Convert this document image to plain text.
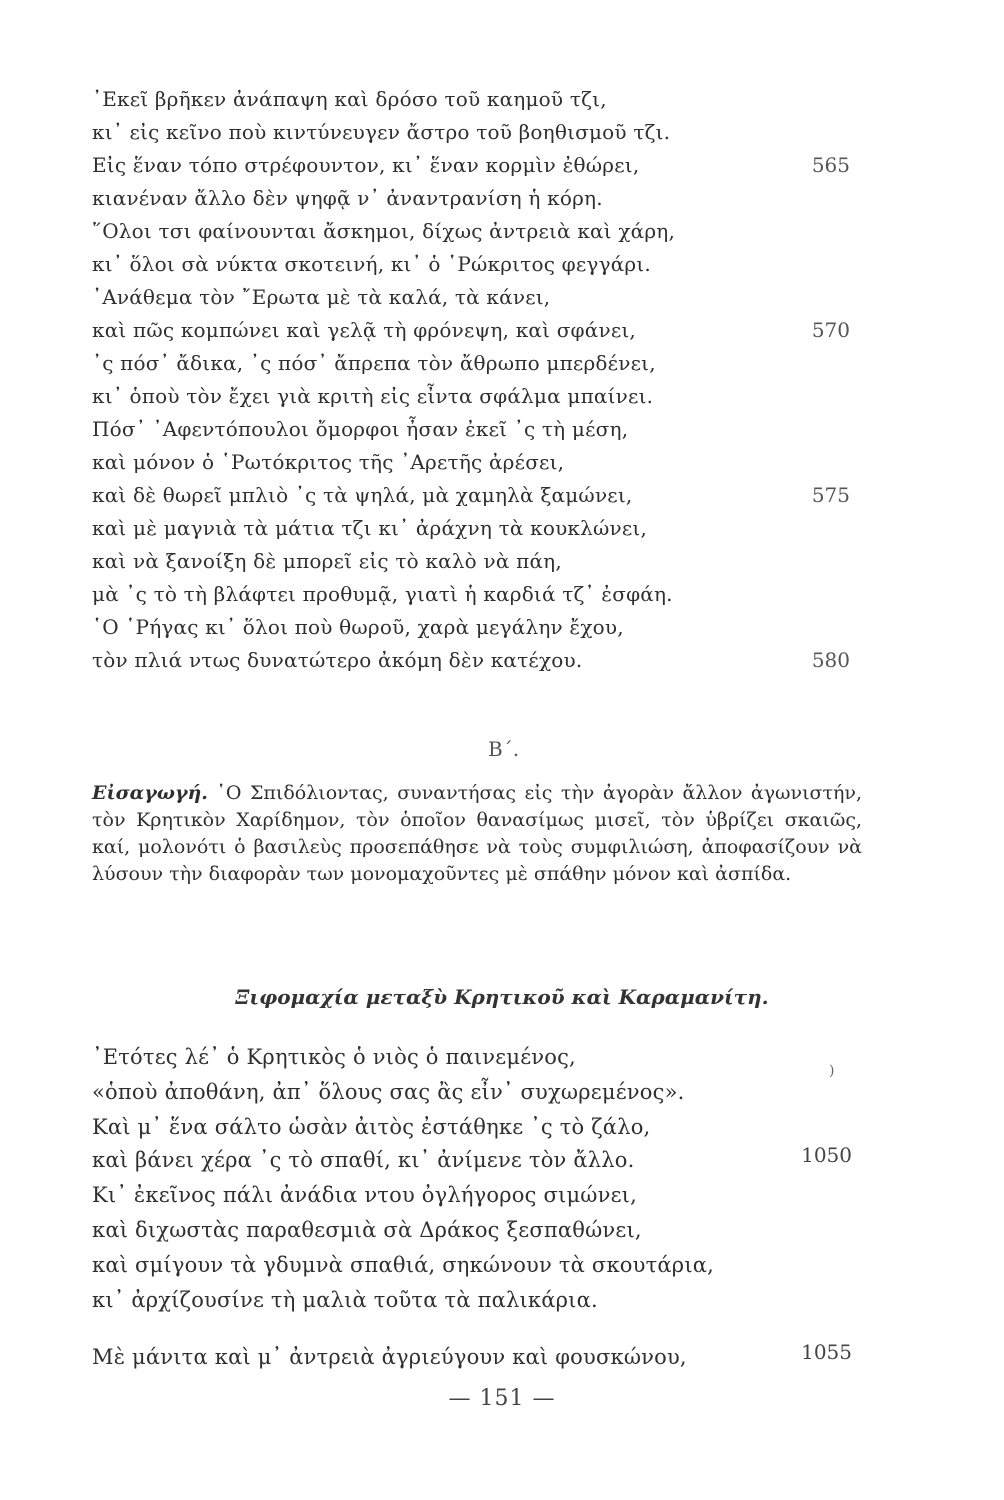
᾿Εκεῖ βρῆκεν ἀνάπαψη καὶ δρόσο τοῦ καημοῦ τζι,
κι᾿ εἰς κεῖνο ποὺ κιντύνευγεν ἄστρο τοῦ βοηθισμοῦ τζι.
Εἰς ἕναν τόπο στρέφουντον, κι᾿ ἕναν κορμὶν ἐθώρει,	565
κιανέναν ἄλλο δὲν ψηφᾷ ν᾿ ἀναντρανίση ἡ κόρη.
῞Ολοι τσι φαίνουνται ἄσκημοι, δίχως ἀντρειὰ καὶ χάρη,
κι᾿ ὅλοι σὰ νύκτα σκοτεινή, κι᾿ ὁ ῾Ρώκριτος φεγγάρι.
᾿Ανάθεμα τὸν ῎Ερωτα μὲ τὰ καλά, τὰ κάνει,
καὶ πῶς κομπώνει καὶ γελᾷ τὴ φρόνεψη, καὶ σφάνει,	570
᾿ς πόσ᾿ ἄδικα, ᾿ς πόσ᾿ ἄπρεπα τὸν ἄθρωπο μπερδένει,
κι᾿ ὁποὺ τὸν ἔχει γιὰ κριτὴ εἰς εἶντα σφάλμα μπαίνει.
Πόσ᾿ ᾿Αφεντόπουλοι ὄμορφοι ἦσαν ἐκεῖ ᾿ς τὴ μέση,
καὶ μόνον ὁ ῾Ρωτόκριτος τῆς ᾿Αρετῆς ἀρέσει,
καὶ δὲ θωρεῖ μπλιὸ ᾿ς τὰ ψηλά, μὰ χαμηλὰ ξαμώνει,	575
καὶ μὲ μαγνιὰ τὰ μάτια τζι κι᾿ ἀράχνη τὰ κουκλώνει,
καὶ νὰ ξανοίξη δὲ μπορεῖ εἰς τὸ καλὸ νὰ πάη,
μὰ ᾿ς τὸ τὴ βλάφτει προθυμᾷ, γιατὶ ἡ καρδιά τζ᾿ ἐσφάη.
῾Ο ῾Ρήγας κι᾿ ὅλοι ποὺ θωροῦ, χαρὰ μεγάλην ἔχου,
τὸν πλιά ντως δυνατώτερο ἀκόμη δὲν κατέχου.	580
Β΄.
Εἰσαγωγή. ῾Ο Σπιδόλιοντας, συναντήσας εἰς τὴν ἀγορὰν ἄλλον ἀγωνιστήν, τὸν Κρητικὸν Χαρίδημον, τὸν ὁποῖον θανασίμως μισεῖ, τὸν ὑβρίζει σκαιῶς, καί, μολονότι ὁ βασιλεὺς προσεπάθησε νὰ τοὺς συμφιλιώση, ἀποφασίζουν νὰ λύσουν τὴν διαφορὰν των μονομαχοῦντες μὲ σπάθην μόνον καὶ ἀσπίδα.
Ξιφομαχία μεταξὺ Κρητικοῦ καὶ Καραμανίτη.
)
᾿Ετότες λέ᾿ ὁ Κρητικὸς ὁ νιὸς ὁ παινεμένος,
«ὁποὺ ἀποθάνη, ἀπ᾿ ὅλους σας ἂς εἶν᾿ συχωρεμένος».
Καὶ μ᾿ ἕνα σάλτο ὡσὰν ἀιτὸς ἐστάθηκε ᾿ς τὸ ζάλο,
καὶ βάνει χέρα ᾿ς τὸ σπαθί, κι᾿ ἀνίμενε τὸν ἄλλο.	1050
Κι᾿ ἐκεῖνος πάλι ἀνάδια ντου ὀγλήγορος σιμώνει,
καὶ διχωστὰς παραθεσμιὰ σὰ Δράκος ξεσπαθώνει,
καὶ σμίγουν τὰ γδυμνὰ σπαθιά, σηκώνουν τὰ σκουτάρια,
κι᾿ ἀρχίζουσίνε τὴ μαλιὰ τοῦτα τὰ παλικάρια.
Μὲ μάνιτα καὶ μ᾿ ἀντρειὰ ἀγριεύγουν καὶ φουσκώνου,	1055
— 151 —
